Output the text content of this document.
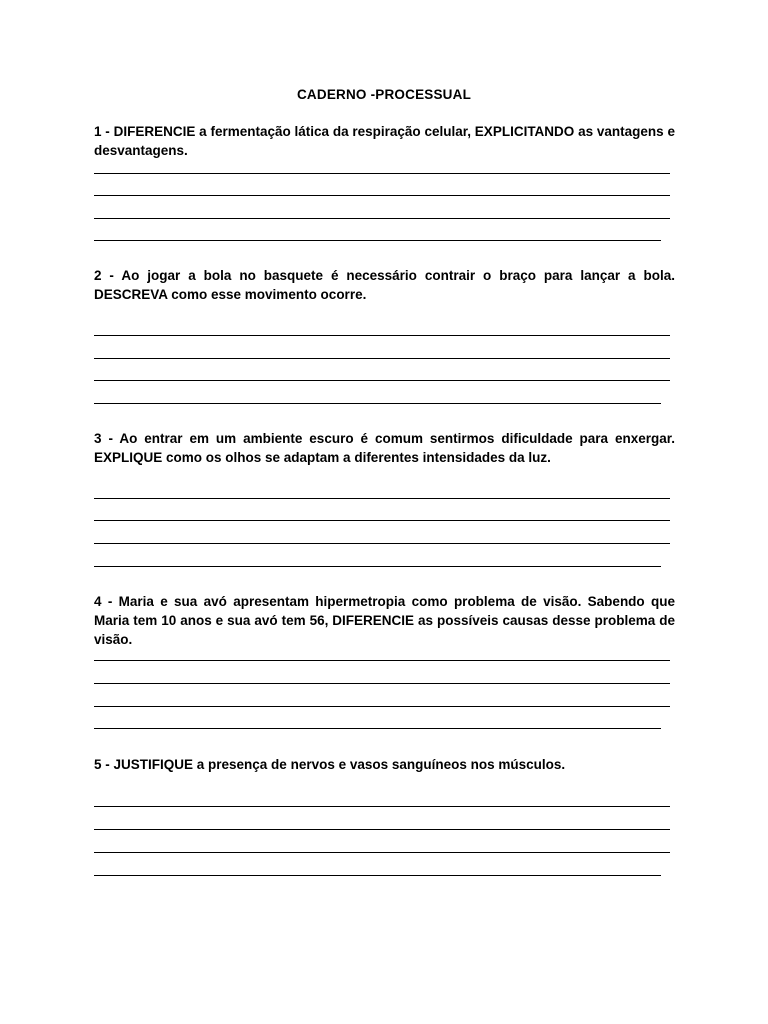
CADERNO -PROCESSUAL
1 - DIFERENCIE a fermentação lática da respiração celular, EXPLICITANDO as vantagens e desvantagens.
2 - Ao jogar a bola no basquete é necessário contrair o braço para lançar a bola. DESCREVA como esse movimento ocorre.
3 - Ao entrar em um ambiente escuro é comum sentirmos dificuldade para enxergar. EXPLIQUE como os olhos se adaptam a diferentes intensidades da luz.
4 - Maria e sua avó apresentam hipermetropia como problema de visão. Sabendo que Maria tem 10 anos e sua avó tem 56, DIFERENCIE as possíveis causas desse problema de visão.
5 - JUSTIFIQUE a presença de nervos e vasos sanguíneos nos músculos.
